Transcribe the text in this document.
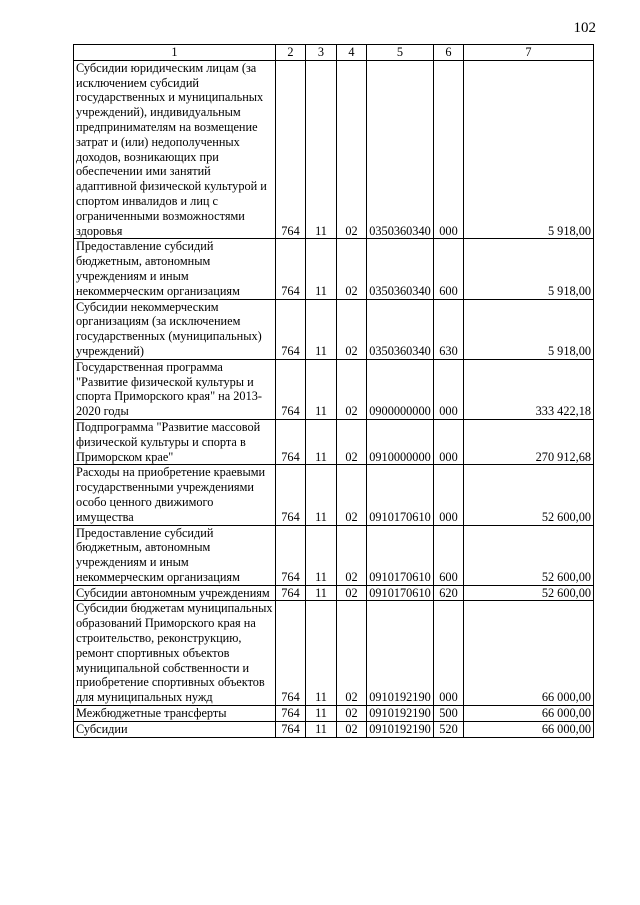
102
1	2	3	4	5	6	7
Субсидии юридическим лицам (за исключением субсидий государственных и муниципальных учреждений), индивидуальным предпринимателям на возмещение затрат и (или) недополученных доходов, возникающих при обеспечении ими занятий адаптивной физической культурой и спортом инвалидов и лиц с ограниченными возможностями здоровья	764	11	02	0350360340	000	5 918,00
Предоставление субсидий бюджетным, автономным учреждениям и иным некоммерческим организациям	764	11	02	0350360340	600	5 918,00
Субсидии некоммерческим организациям (за исключением государственных (муниципальных) учреждений)	764	11	02	0350360340	630	5 918,00
Государственная программа "Развитие физической культуры и спорта Приморского края" на 2013-2020 годы	764	11	02	0900000000	000	333 422,18
Подпрограмма "Развитие массовой физической культуры и спорта в Приморском крае"	764	11	02	0910000000	000	270 912,68
Расходы на приобретение краевыми государственными учреждениями особо ценного движимого имущества	764	11	02	0910170610	000	52 600,00
Предоставление субсидий бюджетным, автономным учреждениям и иным некоммерческим организациям	764	11	02	0910170610	600	52 600,00
Субсидии автономным учреждениям	764	11	02	0910170610	620	52 600,00
Субсидии бюджетам муниципальных образований Приморского края на строительство, реконструкцию, ремонт спортивных объектов муниципальной собственности и приобретение спортивных объектов для муниципальных нужд	764	11	02	0910192190	000	66 000,00
Межбюджетные трансферты	764	11	02	0910192190	500	66 000,00
Субсидии	764	11	02	0910192190	520	66 000,00
